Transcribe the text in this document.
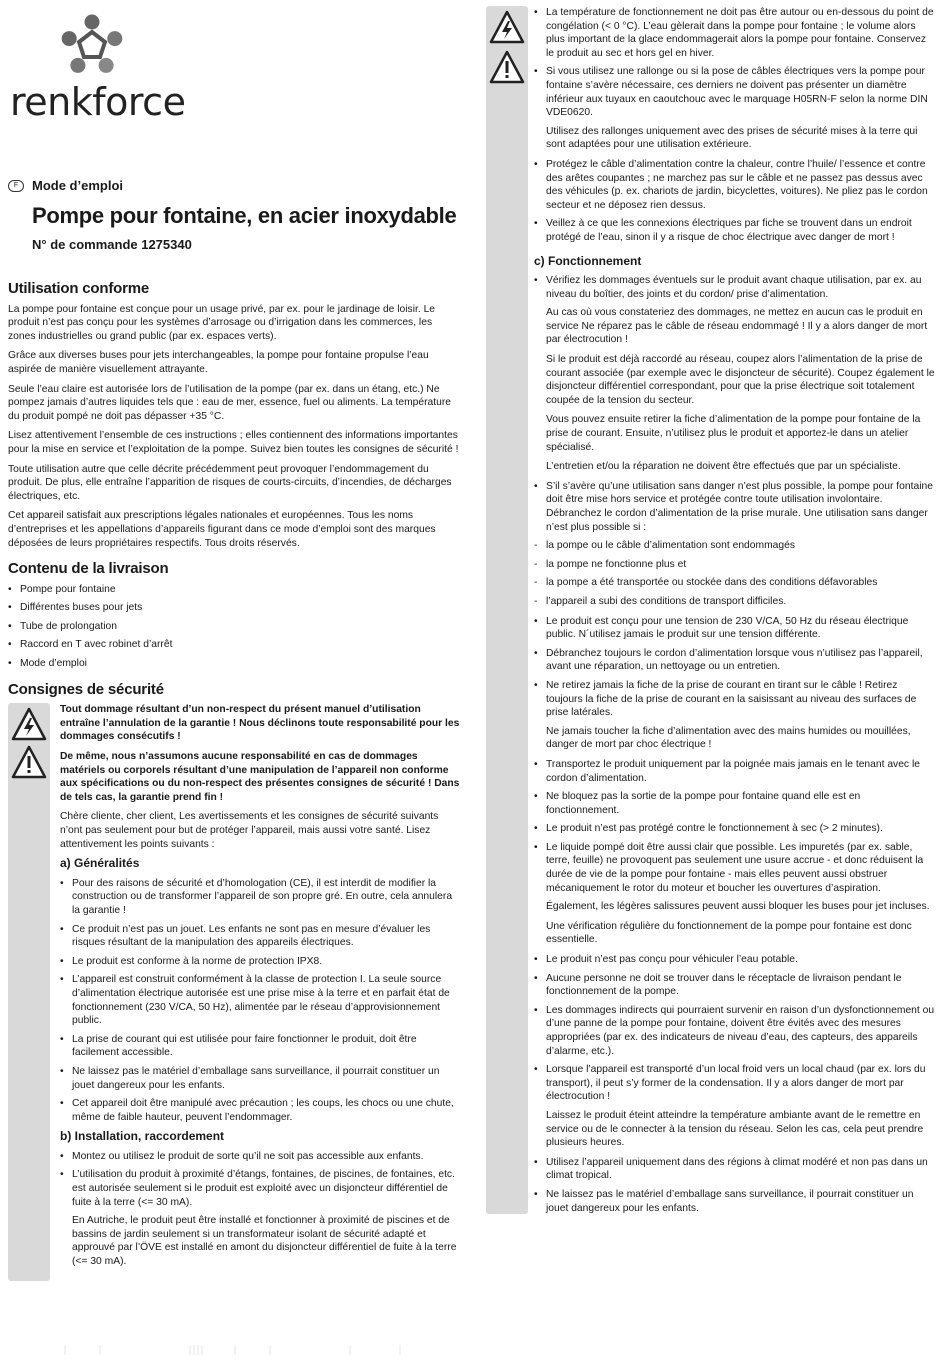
renkforce
F	Mode d’emploi
Pompe pour fontaine, en acier inoxydable
N° de commande 1275340
Utilisation conforme

La pompe pour fontaine est conçue pour un usage privé, par ex. pour le jardinage de loisir. Le produit n’est pas conçu pour les systèmes d’arrosage ou d’irrigation dans les commerces, les zones industrielles ou grand public (par ex. espaces verts).

Grâce aux diverses buses pour jets interchangeables, la pompe pour fontaine propulse l’eau aspirée de manière visuellement attrayante.

Seule l’eau claire est autorisée lors de l’utilisation de la pompe (par ex. dans un étang, etc.) Ne pompez jamais d’autres liquides tels que : eau de mer, essence, fuel ou aliments. La température du produit pompé ne doit pas dépasser +35 °C.

Lisez attentivement l’ensemble de ces instructions ; elles contiennent des informations importantes pour la mise en service et l’exploitation de la pompe. Suivez bien toutes les consignes de sécurité !

Toute utilisation autre que celle décrite précédemment peut provoquer l’endommagement du produit. De plus, elle entraîne l’apparition de risques de courts-circuits, d’incendies, de décharges électriques, etc.

Cet appareil satisfait aux prescriptions légales nationales et européennes. Tous les noms d’entreprises et les appellations d’appareils figurant dans ce mode d’emploi sont des marques déposées de leurs propriétaires respectifs. Tous droits réservés.

Contenu de la livraison
• Pompe pour fontaine
• Différentes buses pour jets
• Tube de prolongation
• Raccord en T avec robinet d’arrêt
• Mode d’emploi
Consignes de sécurité

Tout dommage résultant d’un non-respect du présent manuel d’utilisation entraîne l’annulation de la garantie ! Nous déclinons toute responsabilité pour les dommages consécutifs !

De même, nous n’assumons aucune responsabilité en cas de dommages matériels ou corporels résultant d’une manipulation de l’appareil non conforme aux spécifications ou du non-respect des présentes consignes de sécurité ! Dans de tels cas, la garantie prend fin !

Chère cliente, cher client, Les avertissements et les consignes de sécurité suivants n’ont pas seulement pour but de protéger l’appareil, mais aussi votre santé. Lisez attentivement les points suivants :

a) Généralités
• Pour des raisons de sécurité et d’homologation (CE), il est interdit de modifier la construction ou de transformer l’appareil de son propre gré. En outre, cela annulera la garantie !
• Ce produit n’est pas un jouet. Les enfants ne sont pas en mesure d’évaluer les risques résultant de la manipulation des appareils électriques.
• Le produit est conforme à la norme de protection IPX8.
• L’appareil est construit conformément à la classe de protection I. La seule source d’alimentation électrique autorisée est une prise mise à la terre et en parfait état de fonctionnement (230 V/CA, 50 Hz), alimentée par le réseau d’approvisionnement public.
• La prise de courant qui est utilisée pour faire fonctionner le produit, doit être facilement accessible.
• Ne laissez pas le matériel d’emballage sans surveillance, il pourrait constituer un jouet dangereux pour les enfants.
• Cet appareil doit être manipulé avec précaution ; les coups, les chocs ou une chute, même de faible hauteur, peuvent l’endommager.
b) Installation, raccordement
• Montez ou utilisez le produit de sorte qu’il ne soit pas accessible aux enfants.
• L’utilisation du produit à proximité d’étangs, fontaines, de piscines, de fontaines, etc. est autorisée seulement si le produit est exploité avec un disjoncteur différentiel de fuite à la terre (<= 30 mA).

En Autriche, le produit peut être installé et fonctionner à proximité de piscines et de bassins de jardin seulement si un transformateur isolant de sécurité adapté et approuvé par l’ÖVE est installé en amont du disjoncteur différentiel de fuite à la terre (<= 30 mA).

• La température de fonctionnement ne doit pas être autour ou en-dessous du point de congélation (< 0 °C). L’eau gèlerait dans la pompe pour fontaine ; le volume alors plus important de la glace endommagerait alors la pompe pour fontaine. Conservez le produit au sec et hors gel en hiver.
• Si vous utilisez une rallonge ou si la pose de câbles électriques vers la pompe pour fontaine s’avère nécessaire, ces derniers ne doivent pas présenter un diamètre inférieur aux tuyaux en caoutchouc avec le marquage H05RN-F selon la norme DIN VDE0620.

Utilisez des rallonges uniquement avec des prises de sécurité mises à la terre qui sont adaptées pour une utilisation extérieure.

• Protégez le câble d’alimentation contre la chaleur, contre l’huile/ l’essence et contre des arêtes coupantes ; ne marchez pas sur le câble et ne passez pas dessus avec des véhicules (p. ex. chariots de jardin, bicyclettes, voitures). Ne pliez pas le cordon secteur et ne déposez rien dessus.
• Veillez à ce que les connexions électriques par fiche se trouvent dans un endroit protégé de l’eau, sinon il y a risque de choc électrique avec danger de mort !
c) Fonctionnement
• Vérifiez les dommages éventuels sur le produit avant chaque utilisation, par ex. au niveau du boîtier, des joints et du cordon/ prise d’alimentation.

Au cas où vous constateriez des dommages, ne mettez en aucun cas le produit en service Ne réparez pas le câble de réseau endommagé ! Il y a alors danger de mort par électrocution !

Si le produit est déjà raccordé au réseau, coupez alors l’alimentation de la prise de courant associée (par exemple avec le disjoncteur de sécurité). Coupez également le disjoncteur différentiel correspondant, pour que la prise électrique soit totalement coupée de la tension du secteur.

Vous pouvez ensuite retirer la fiche d’alimentation de la pompe pour fontaine de la prise de courant. Ensuite, n’utilisez plus le produit et apportez-le dans un atelier spécialisé.

L’entretien et/ou la réparation ne doivent être effectués que par un spécialiste.

• S’il s’avère qu’une utilisation sans danger n’est plus possible, la pompe pour fontaine doit être mise hors service et protégée contre toute utilisation involontaire. Débranchez le cordon d’alimentation de la prise murale. Une utilisation sans danger n’est plus possible si :
- la pompe ou le câble d’alimentation sont endommagés
- la pompe ne fonctionne plus et
- la pompe a été transportée ou stockée dans des conditions défavorables
- l’appareil a subi des conditions de transport difficiles.
• Le produit est conçu pour une tension de 230 V/CA, 50 Hz du réseau électrique public. N´utilisez jamais le produit sur une tension différente.
• Débranchez toujours le cordon d’alimentation lorsque vous n’utilisez pas l’appareil, avant une réparation, un nettoyage ou un entretien.
• Ne retirez jamais la fiche de la prise de courant en tirant sur le câble ! Retirez toujours la fiche de la prise de courant en la saisissant au niveau des surfaces de prise latérales.

Ne jamais toucher la fiche d’alimentation avec des mains humides ou mouillées, danger de mort par choc électrique !

• Transportez le produit uniquement par la poignée mais jamais en le tenant avec le cordon d’alimentation.
• Ne bloquez pas la sortie de la pompe pour fontaine quand elle est en fonctionnement.
• Le produit n’est pas protégé contre le fonctionnement à sec (> 2 minutes).
• Le liquide pompé doit être aussi clair que possible. Les impuretés (par ex. sable, terre, feuille) ne provoquent pas seulement une usure accrue - et donc réduisent la durée de vie de la pompe pour fontaine - mais elles peuvent aussi obstruer mécaniquement le rotor du moteur et boucher les ouvertures d’aspiration.

Également, les légères salissures peuvent aussi bloquer les buses pour jet incluses.

Une vérification régulière du fonctionnement de la pompe pour fontaine est donc essentielle.

• Le produit n’est pas conçu pour véhiculer l’eau potable.
• Aucune personne ne doit se trouver dans le réceptacle de livraison pendant le fonctionnement de la pompe.
• Les dommages indirects qui pourraient survenir en raison d’un dysfonctionnement ou d’une panne de la pompe pour fontaine, doivent être évités avec des mesures appropriées (par ex. des indicateurs de niveau d’eau, des capteurs, des appareils d’alarme, etc.).
• Lorsque l’appareil est transporté d’un local froid vers un local chaud (par ex. lors du transport), il peut s’y former de la condensation. Il y a alors danger de mort par électrocution !

Laissez le produit éteint atteindre la température ambiante avant de le remettre en service ou de le connecter à la tension du réseau. Selon les cas, cela peut prendre plusieurs heures.

• Utilisez l’appareil uniquement dans des régions à climat modéré et non pas dans un climat tropical.
• Ne laissez pas le matériel d’emballage sans surveillance, il pourrait constituer un jouet dangereux pour les enfants.
